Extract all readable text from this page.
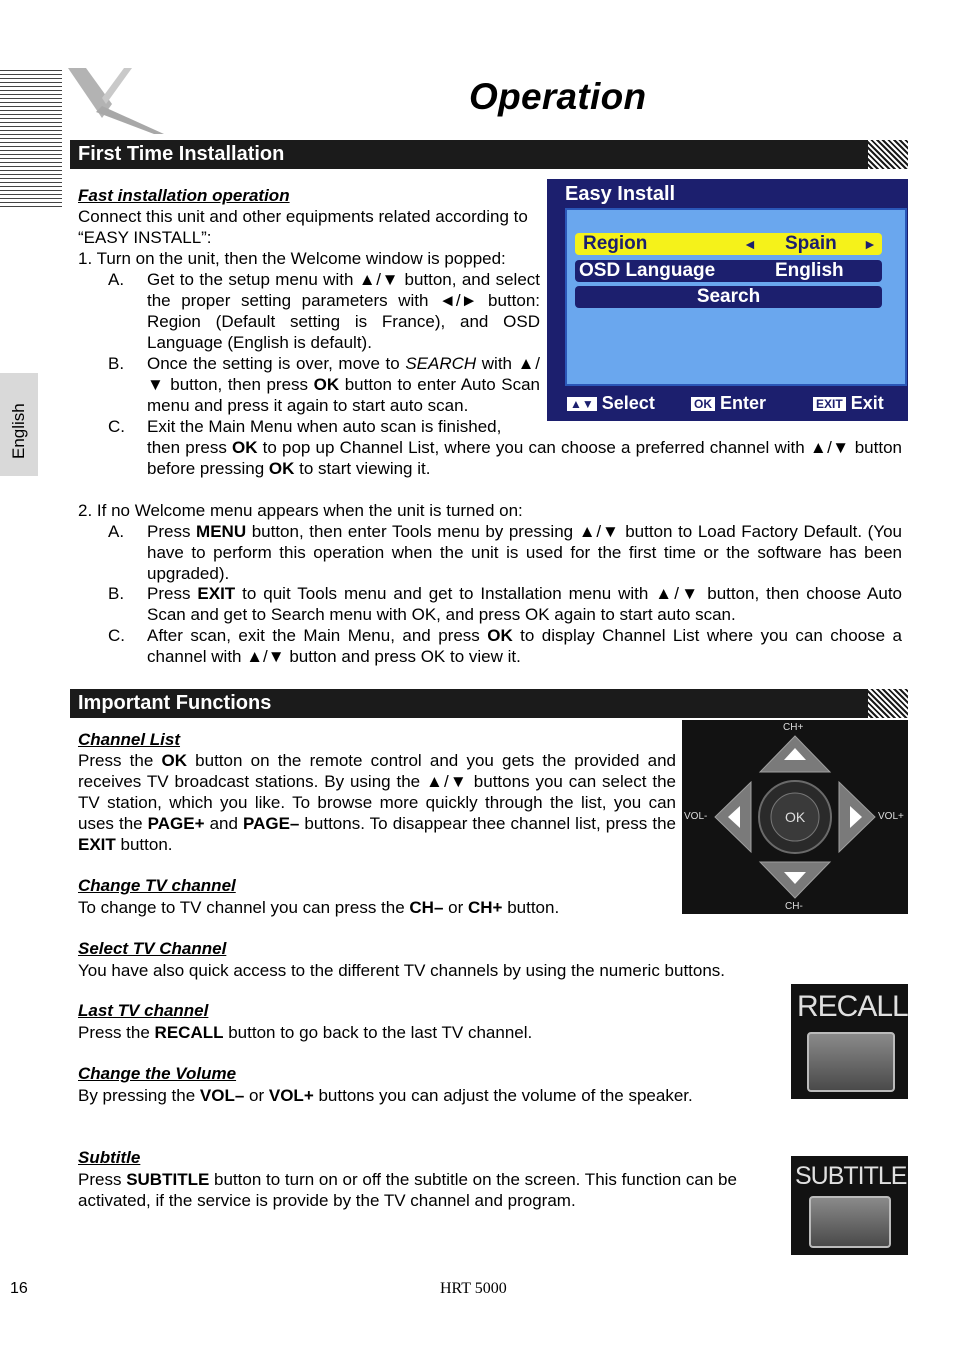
Operation
English
First Time Installation
Fast installation operation
Connect this unit and other equipments related according to “EASY INSTALL”:
1. Turn on the unit, then the Welcome window is popped:
A. Get to the setup menu with ▲/▼ button, and select the proper setting parameters with ◄/► button: Region (Default setting is France), and OSD Language (English is default).
B. Once the setting is over, move to SEARCH with ▲/▼ button, then press OK button to enter Auto Scan menu and press it again to start auto scan.
C. Exit the Main Menu when auto scan is finished,
then press OK to pop up Channel List, where you can choose a preferred channel with ▲/▼ button before pressing OK to start viewing it.
2. If no Welcome menu appears when the unit is turned on:
A. Press MENU button, then enter Tools menu by pressing ▲/▼ button to Load Factory Default. (You have to perform this operation when the unit is used for the first time or the software has been upgraded).
B. Press EXIT to quit Tools menu and get to Installation menu with ▲/▼ button, then choose Auto Scan and get to Search menu with OK, and press OK again to start auto scan.
C. After scan, exit the Main Menu, and press OK to display Channel List where you can choose a channel with ▲/▼ button and press OK to view it.
Easy Install
Region	◄ Spain ►
OSD Language	English
Search
▲▼ Select	OK Enter	EXIT Exit
Important Functions
Channel List
Press the OK button on the remote control and you gets the provided and receives TV broadcast stations. By using the ▲/▼ buttons you can select the TV station, which you like. To browse more quickly through the list, you can uses the PAGE+ and PAGE– buttons. To disappear thee channel list, press the EXIT button.
CH+
CH-
VOL-	VOL+
OK
Change TV channel
To change to TV channel you can press the CH– or CH+ button.
Select TV Channel
You have also quick access to the different TV channels by using the numeric buttons.
Last TV channel
Press the RECALL button to go back to the last TV channel.
Change the Volume
By pressing the VOL– or VOL+ buttons you can adjust the volume of the speaker.
Subtitle
Press SUBTITLE button to turn on or off the subtitle on the screen. This function can be activated, if the service is provide by the TV channel and program.
RECALL
SUBTITLE
16	HRT 5000
